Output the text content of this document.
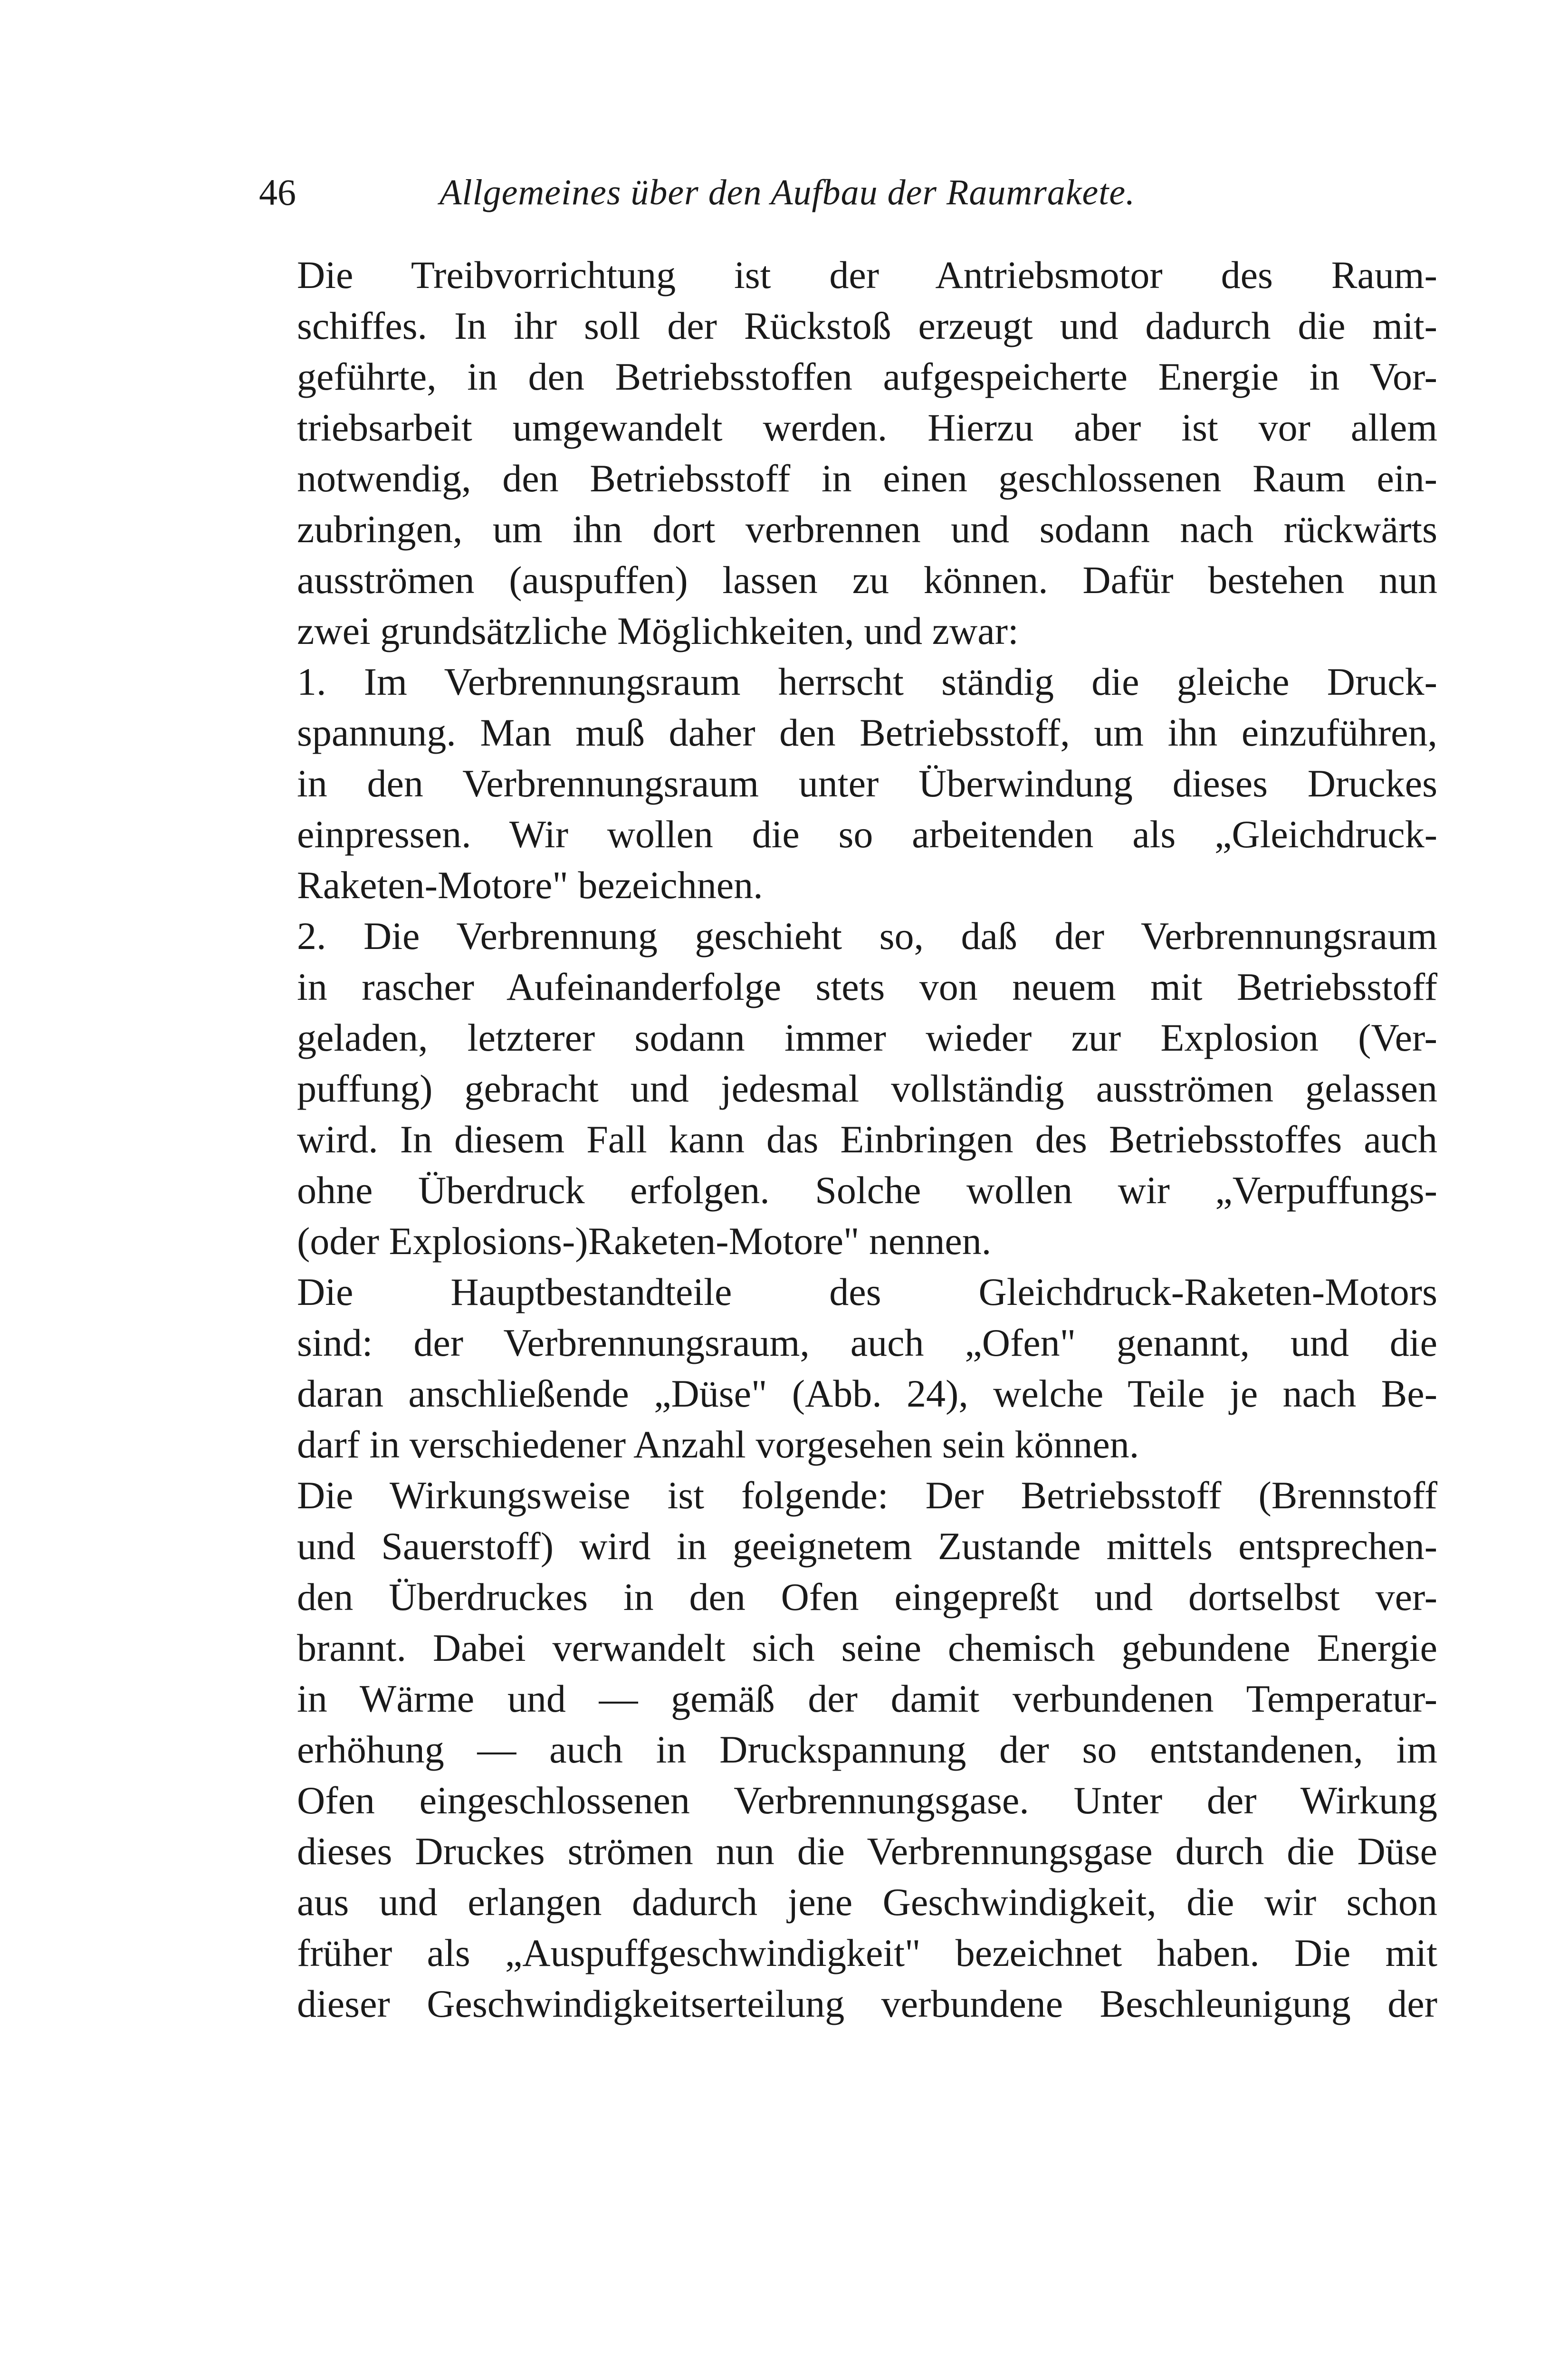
46	Allgemeines über den Aufbau der Raumrakete.
Die Treibvorrichtung ist der Antriebsmotor des Raum-
schiffes. In ihr soll der Rückstoß erzeugt und dadurch die mit-
geführte, in den Betriebsstoffen aufgespeicherte Energie in Vor-
triebsarbeit umgewandelt werden. Hierzu aber ist vor allem
notwendig, den Betriebsstoff in einen geschlossenen Raum ein-
zubringen, um ihn dort verbrennen und sodann nach rückwärts
ausströmen (auspuffen) lassen zu können. Dafür bestehen nun
zwei grundsätzliche Möglichkeiten, und zwar:
1. Im Verbrennungsraum herrscht ständig die gleiche Druck-
spannung. Man muß daher den Betriebsstoff, um ihn einzuführen,
in den Verbrennungsraum unter Überwindung dieses Druckes
einpressen. Wir wollen die so arbeitenden als „Gleichdruck-
Raketen-Motore" bezeichnen.
2. Die Verbrennung geschieht so, daß der Verbrennungsraum
in rascher Aufeinanderfolge stets von neuem mit Betriebsstoff
geladen, letzterer sodann immer wieder zur Explosion (Ver-
puffung) gebracht und jedesmal vollständig ausströmen gelassen
wird. In diesem Fall kann das Einbringen des Betriebsstoffes auch
ohne Überdruck erfolgen. Solche wollen wir „Verpuffungs-
(oder Explosions-)Raketen-Motore" nennen.
Die Hauptbestandteile des Gleichdruck-Raketen-Motors
sind: der Verbrennungsraum, auch „Ofen" genannt, und die
daran anschließende „Düse" (Abb. 24), welche Teile je nach Be-
darf in verschiedener Anzahl vorgesehen sein können.
Die Wirkungsweise ist folgende: Der Betriebsstoff (Brennstoff
und Sauerstoff) wird in geeignetem Zustande mittels entsprechen-
den Überdruckes in den Ofen eingepreßt und dortselbst ver-
brannt. Dabei verwandelt sich seine chemisch gebundene Energie
in Wärme und — gemäß der damit verbundenen Temperatur-
erhöhung — auch in Druckspannung der so entstandenen, im
Ofen eingeschlossenen Verbrennungsgase. Unter der Wirkung
dieses Druckes strömen nun die Verbrennungsgase durch die Düse
aus und erlangen dadurch jene Geschwindigkeit, die wir schon
früher als „Auspuffgeschwindigkeit" bezeichnet haben. Die mit
dieser Geschwindigkeitserteilung verbundene Beschleunigung der
